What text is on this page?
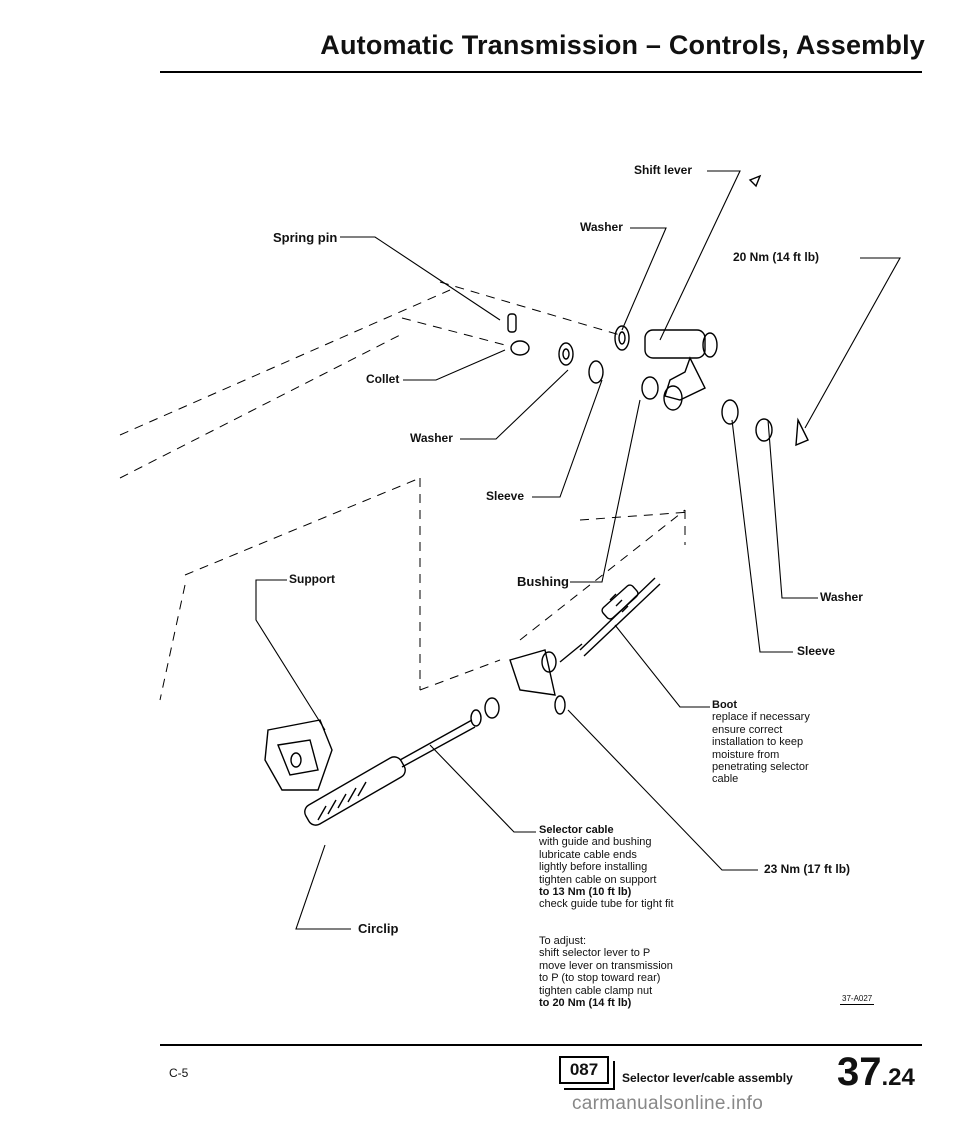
Automatic Transmission – Controls, Assembly
Shift lever
Washer
Spring pin
20 Nm (14 ft lb)
Collet
Washer
Sleeve
Bushing
Support
Washer
Sleeve
23 Nm (17 ft lb)
Circlip
Boot
replace if necessary
ensure correct
installation to keep
moisture from
penetrating selector
cable
Selector cable
with guide and bushing
lubricate cable ends
lightly before installing
tighten cable on support
to 13 Nm (10 ft lb)
check guide tube for tight fit
To adjust:
shift selector lever to P
move lever on transmission
to P (to stop toward rear)
tighten cable clamp nut
to 20 Nm (14 ft lb)	37-A027
C-5	087	Selector lever/cable assembly 37.24
carmanualsonline.info
